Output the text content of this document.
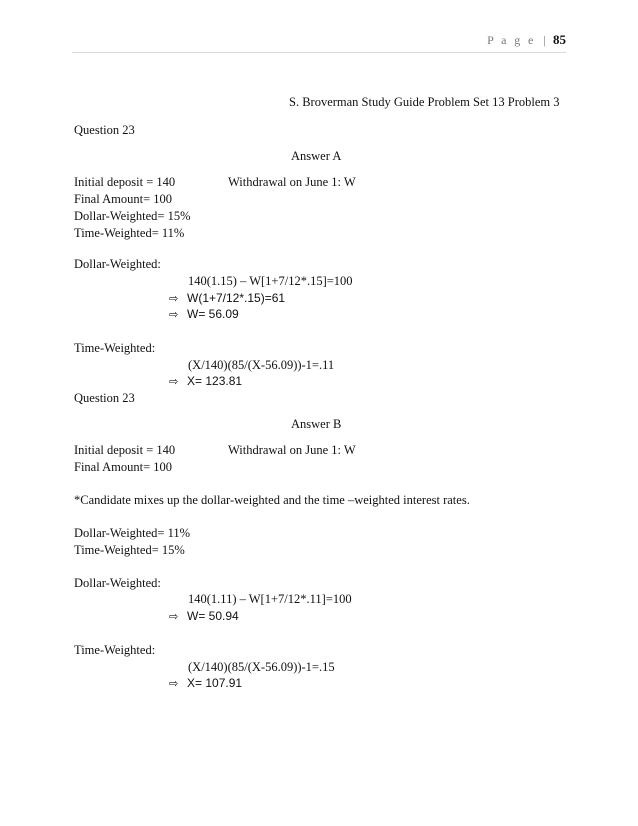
P a g e | 85
S. Broverman Study Guide Problem Set 13 Problem 3
Question 23
Answer A
Initial deposit = 140	Withdrawal on June 1: W
Final Amount= 100
Dollar-Weighted= 15%
Time-Weighted= 11%
Dollar-Weighted:
140(1.15) – W[1+7/12*.15]=100
⇨ W(1+7/12*.15)=61
⇨ W= 56.09
Time-Weighted:
(X/140)(85/(X-56.09))-1=.11
⇨ X= 123.81
Question 23
Answer B
Initial deposit = 140	Withdrawal on June 1: W
Final Amount= 100
*Candidate mixes up the dollar-weighted and the time –weighted interest rates.
Dollar-Weighted= 11%
Time-Weighted= 15%
Dollar-Weighted:
140(1.11) – W[1+7/12*.11]=100
⇨ W= 50.94
Time-Weighted:
(X/140)(85/(X-56.09))-1=.15
⇨ X= 107.91
